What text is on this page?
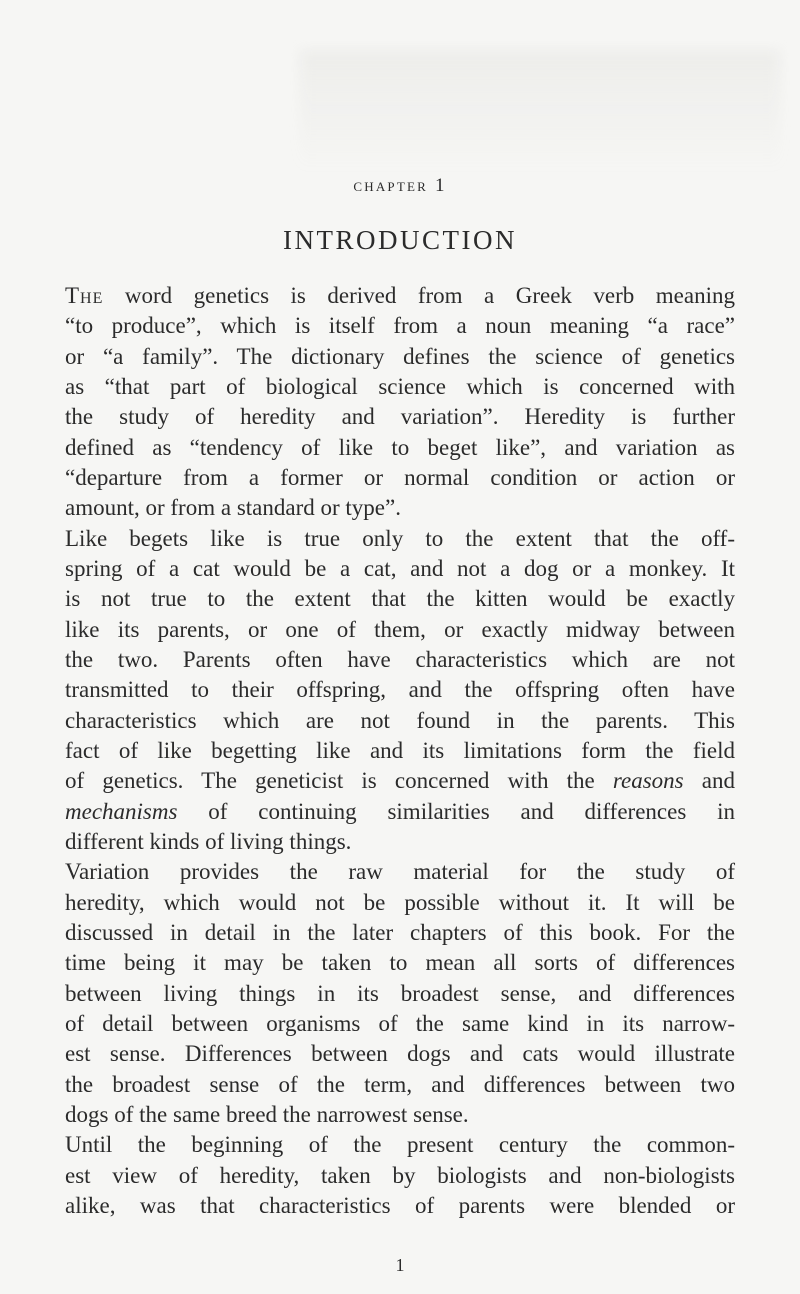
chapter 1
INTRODUCTION
The word genetics is derived from a Greek verb meaning
“to produce”, which is itself from a noun meaning “a race”
or “a family”. The dictionary defines the science of genetics
as “that part of biological science which is concerned with
the study of heredity and variation”. Heredity is further
defined as “tendency of like to beget like”, and variation as
“departure from a former or normal condition or action or
amount, or from a standard or type”.
Like begets like is true only to the extent that the off-
spring of a cat would be a cat, and not a dog or a monkey. It
is not true to the extent that the kitten would be exactly
like its parents, or one of them, or exactly midway between
the two. Parents often have characteristics which are not
transmitted to their offspring, and the offspring often have
characteristics which are not found in the parents. This
fact of like begetting like and its limitations form the field
of genetics. The geneticist is concerned with the reasons and
mechanisms of continuing similarities and differences in
different kinds of living things.
Variation provides the raw material for the study of
heredity, which would not be possible without it. It will be
discussed in detail in the later chapters of this book. For the
time being it may be taken to mean all sorts of differences
between living things in its broadest sense, and differences
of detail between organisms of the same kind in its narrow-
est sense. Differences between dogs and cats would illustrate
the broadest sense of the term, and differences between two
dogs of the same breed the narrowest sense.
Until the beginning of the present century the common-
est view of heredity, taken by biologists and non-biologists
alike, was that characteristics of parents were blended or
1
